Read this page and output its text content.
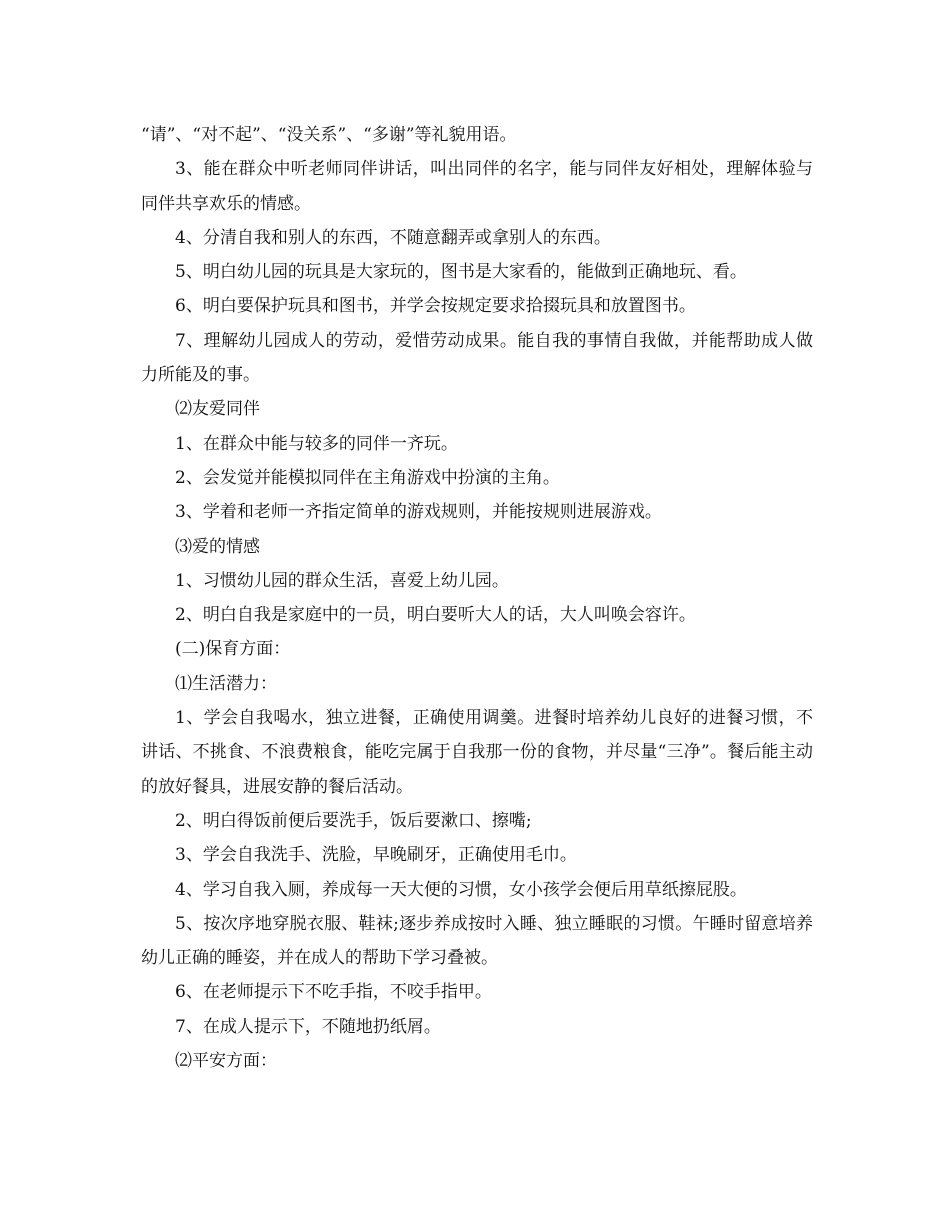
“请”、“对不起”、“没关系”、“多谢”等礼貌用语。

3、能在群众中听老师同伴讲话，叫出同伴的名字，能与同伴友好相处，理解体验与同伴共享欢乐的情感。

4、分清自我和别人的东西，不随意翻弄或拿别人的东西。

5、明白幼儿园的玩具是大家玩的，图书是大家看的，能做到正确地玩、看。

6、明白要保护玩具和图书，并学会按规定要求拾掇玩具和放置图书。

7、理解幼儿园成人的劳动，爱惜劳动成果。能自我的事情自我做，并能帮助成人做力所能及的事。

⑵友爱同伴

1、在群众中能与较多的同伴一齐玩。

2、会发觉并能模拟同伴在主角游戏中扮演的主角。

3、学着和老师一齐指定简单的游戏规则，并能按规则进展游戏。

⑶爱的情感

1、习惯幼儿园的群众生活，喜爱上幼儿园。

2、明白自我是家庭中的一员，明白要听大人的话，大人叫唤会容许。

(二)保育方面：

⑴生活潜力：

1、学会自我喝水，独立进餐，正确使用调羹。进餐时培养幼儿良好的进餐习惯，不讲话、不挑食、不浪费粮食，能吃完属于自我那一份的食物，并尽量“三净”。餐后能主动的放好餐具，进展安静的餐后活动。

2、明白得饭前便后要洗手，饭后要漱口、擦嘴;

3、学会自我洗手、洗脸，早晚刷牙，正确使用毛巾。

4、学习自我入厕，养成每一天大便的习惯，女小孩学会便后用草纸擦屁股。

5、按次序地穿脱衣服、鞋袜;逐步养成按时入睡、独立睡眠的习惯。午睡时留意培养幼儿正确的睡姿，并在成人的帮助下学习叠被。

6、在老师提示下不吃手指，不咬手指甲。

7、在成人提示下，不随地扔纸屑。

⑵平安方面：
